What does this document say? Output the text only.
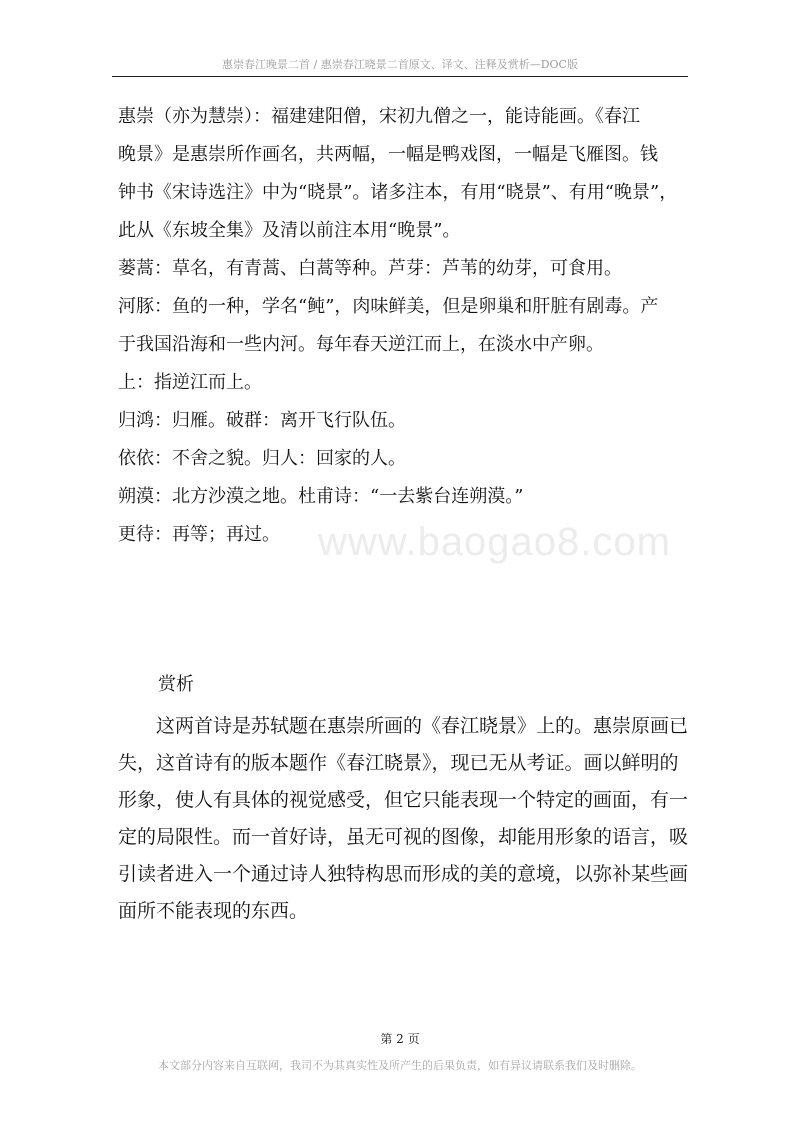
惠崇春江晚景二首 / 惠崇春江晓景二首原文、译文、注释及赏析—DOC版
惠崇（亦为慧崇）：福建建阳僧，宋初九僧之一，能诗能画。《春江
晚景》是惠崇所作画名，共两幅，一幅是鸭戏图，一幅是飞雁图。钱
钟书《宋诗选注》中为“晓景”。诸多注本，有用“晓景”、有用“晚景”，
此从《东坡全集》及清以前注本用“晚景”。
蒌蒿：草名，有青蒿、白蒿等种。芦芽：芦苇的幼芽，可食用。
河豚：鱼的一种，学名“鲀”，肉味鲜美，但是卵巢和肝脏有剧毒。产
于我国沿海和一些内河。每年春天逆江而上，在淡水中产卵。
上：指逆江而上。
归鸿：归雁。破群：离开飞行队伍。
依依：不舍之貌。归人：回家的人。
朔漠：北方沙漠之地。杜甫诗：“一去紫台连朔漠。”
更待：再等；再过。 www.baogao8.com
赏析
　　这两首诗是苏轼题在惠崇所画的《春江晓景》上的。惠崇原画已
失，这首诗有的版本题作《春江晓景》，现已无从考证。画以鲜明的
形象，使人有具体的视觉感受，但它只能表现一个特定的画面，有一
定的局限性。而一首好诗，虽无可视的图像，却能用形象的语言，吸
引读者进入一个通过诗人独特构思而形成的美的意境，以弥补某些画
面所不能表现的东西。
第 2 页
本文部分内容来自互联网，我司不为其真实性及所产生的后果负责，如有异议请联系我们及时删除。
